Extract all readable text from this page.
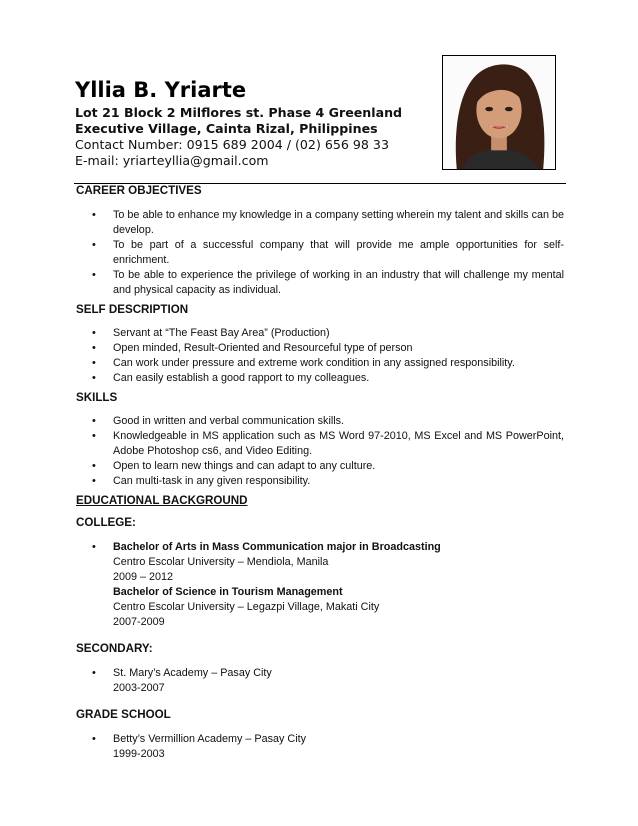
Yllia B. Yriarte
Lot 21 Block 2 Milflores st. Phase 4 Greenland
Executive Village, Cainta Rizal, Philippines
Contact Number: 0915 689 2004 / (02) 656 98 33
E-mail: yriarteyllia@gmail.com
CAREER OBJECTIVES
• To be able to enhance my knowledge in a company setting wherein my talent and skills can be develop.
• To be part of a successful company that will provide me ample opportunities for self-enrichment.
• To be able to experience the privilege of working in an industry that will challenge my mental and physical capacity as individual.
SELF DESCRIPTION
• Servant at “The Feast Bay Area” (Production)
• Open minded, Result-Oriented and Resourceful type of person
• Can work under pressure and extreme work condition in any assigned responsibility.
• Can easily establish a good rapport to my colleagues.
SKILLS
• Good in written and verbal communication skills.
• Knowledgeable in MS application such as MS Word 97-2010, MS Excel and MS PowerPoint, Adobe Photoshop cs6, and Video Editing.
• Open to learn new things and can adapt to any culture.
• Can multi-task in any given responsibility.
EDUCATIONAL BACKGROUND
COLLEGE:
• Bachelor of Arts in Mass Communication major in Broadcasting
Centro Escolar University – Mendiola, Manila
2009 – 2012
Bachelor of Science in Tourism Management
Centro Escolar University – Legazpi Village, Makati City
2007-2009
SECONDARY:
• St. Mary’s Academy – Pasay City
2003-2007
GRADE SCHOOL
• Betty’s Vermillion Academy – Pasay City
1999-2003
